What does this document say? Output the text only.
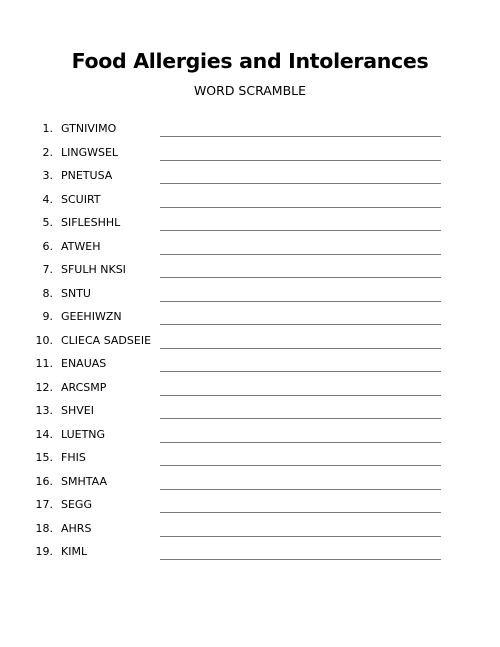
Food Allergies and Intolerances
WORD SCRAMBLE
1. GTNIVIMO
2. LINGWSEL
3. PNETUSA
4. SCUIRT
5. SIFLESHHL
6. ATWEH
7. SFULH NKSI
8. SNTU
9. GEEHIWZN
10. CLIECA SADSEIE
11. ENAUAS
12. ARCSMP
13. SHVEI
14. LUETNG
15. FHIS
16. SMHTAA
17. SEGG
18. AHRS
19. KIML
